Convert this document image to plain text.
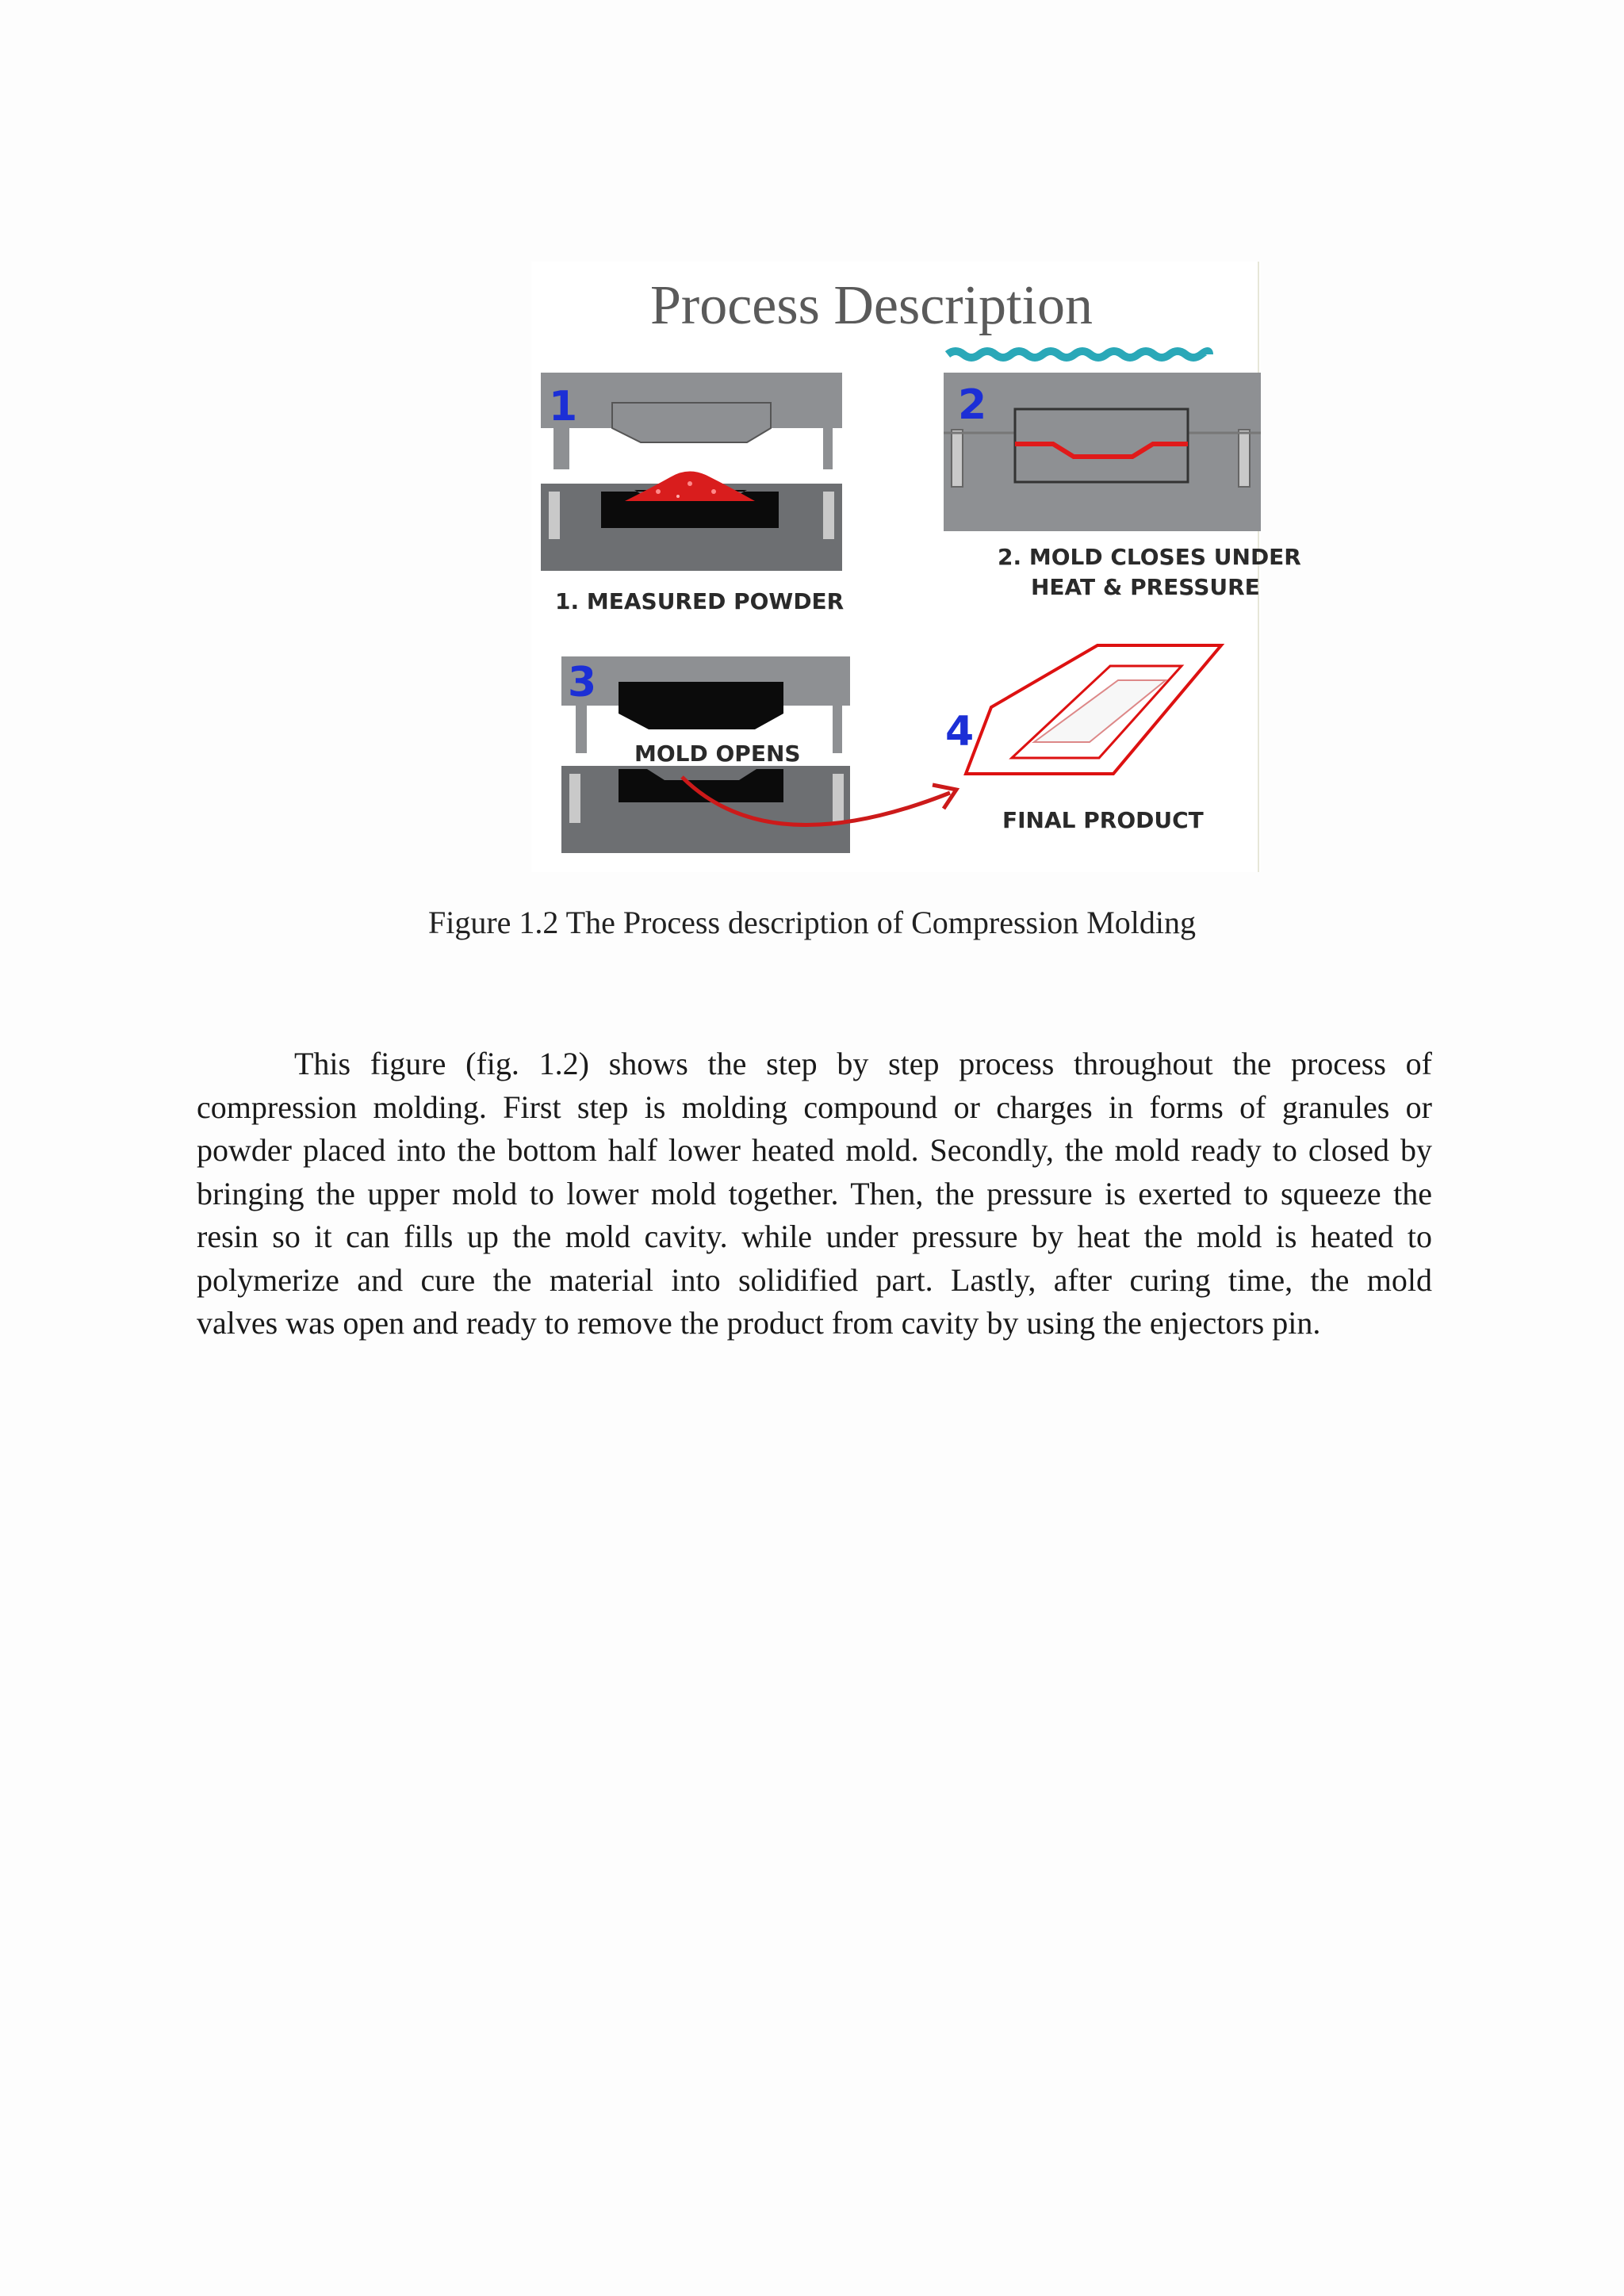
Process Description
1
1. MEASURED POWDER
2
2. MOLD CLOSES UNDER
HEAT & PRESSURE
3
MOLD OPENS	4
FINAL PRODUCT
Figure 1.2 The Process description of Compression Molding

This figure (fig. 1.2) shows the step by step process throughout the process of
compression molding. First step is molding compound or charges in forms of granules or
powder placed into the bottom half lower heated mold. Secondly, the mold ready to closed by
bringing the upper mold to lower mold together. Then, the pressure is exerted to squeeze the
resin so it can fills up the mold cavity. while under pressure by heat the mold is heated to
polymerize and cure the material into solidified part. Lastly, after curing time, the mold
valves was open and ready to remove the product from cavity by using the enjectors pin.
